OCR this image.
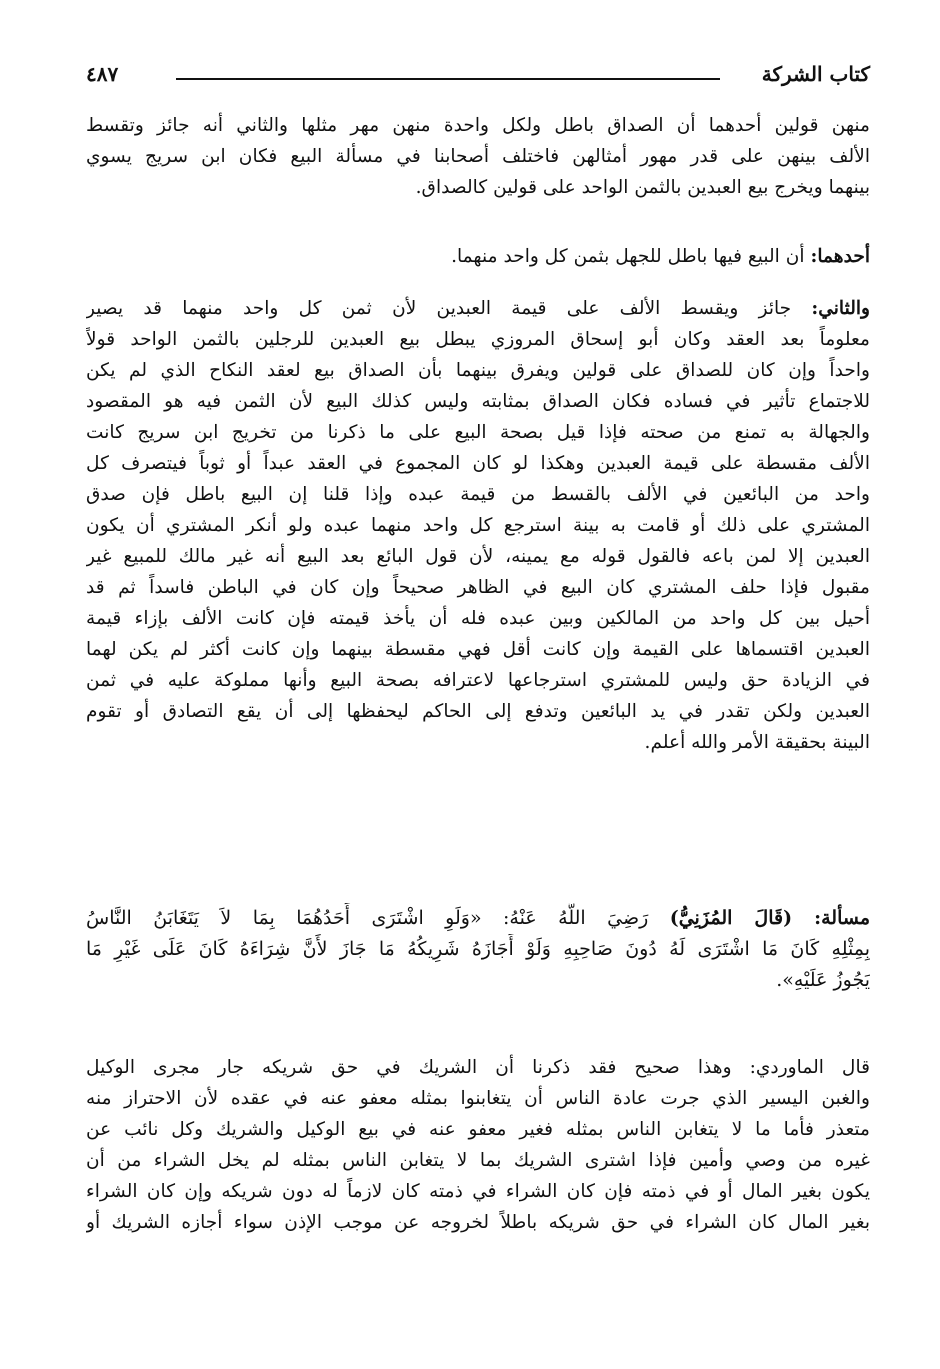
كتاب الشركة
٤٨٧
منهن قولين أحدهما أن الصداق باطل ولكل واحدة منهن مهر مثلها والثاني أنه جائز وتقسط
الألف بينهن على قدر مهور أمثالهن فاختلف أصحابنا في مسألة البيع فكان ابن سريج يسوي
بينهما ويخرج بيع العبدين بالثمن الواحد على قولين كالصداق.
أحدهما: أن البيع فيها باطل للجهل بثمن كل واحد منهما.
والثاني: جائز ويقسط الألف على قيمة العبدين لأن ثمن كل واحد منهما قد يصير
معلوماً بعد العقد وكان أبو إسحاق المروزي يبطل بيع العبدين للرجلين بالثمن الواحد قولاً
واحداً وإن كان للصداق على قولين ويفرق بينهما بأن الصداق بيع لعقد النكاح الذي لم يكن
للاجتماع تأثير في فساده فكان الصداق بمثابته وليس كذلك البيع لأن الثمن فيه هو المقصود
والجهالة به تمنع من صحته فإذا قيل بصحة البيع على ما ذكرنا من تخريج ابن سريج كانت
الألف مقسطة على قيمة العبدين وهكذا لو كان المجموع في العقد عبداً أو ثوباً فيتصرف كل
واحد من البائعين في الألف بالقسط من قيمة عبده وإذا قلنا إن البيع باطل فإن صدق
المشتري على ذلك أو قامت به بينة استرجع كل واحد منهما عبده ولو أنكر المشتري أن يكون
العبدين إلا لمن باعه فالقول قوله مع يمينه، لأن قول البائع بعد البيع أنه غير مالك للمبيع غير
مقبول فإذا حلف المشتري كان البيع في الظاهر صحيحاً وإن كان في الباطن فاسداً ثم قد
أحيل بين كل واحد من المالكين وبين عبده فله أن يأخذ قيمته فإن كانت الألف بإزاء قيمة
العبدين اقتسماها على القيمة وإن كانت أقل فهي مقسطة بينهما وإن كانت أكثر لم يكن لهما
في الزيادة حق وليس للمشتري استرجاعها لاعترافه بصحة البيع وأنها مملوكة عليه في ثمن
العبدين ولكن تقدر في يد البائعين وتدفع إلى الحاكم ليحفظها إلى أن يقع التصادق أو تقوم
البينة بحقيقة الأمر والله أعلم.
مسألة: (قَالَ المُزَنِيُّ) رَضِيَ اللَّهُ عَنْهُ: «وَلَوِ اشْتَرَى أَحَدُهُمَا بِمَا لاَ يَتَغَابَنُ النَّاسُ
بِمِثْلِهِ كَانَ مَا اشْتَرَى لَهُ دُونَ صَاحِبِهِ وَلَوْ أَجَازَهُ شَرِيكُهُ مَا جَازَ لأَنَّ شِرَاءَهُ كَانَ عَلَى غَيْرِ مَا
يَجُوزُ عَلَيْهِ».
قال الماوردي: وهذا صحيح فقد ذكرنا أن الشريك في حق شريكه جار مجرى الوكيل
والغبن اليسير الذي جرت عادة الناس أن يتغابنوا بمثله معفو عنه في عقده لأن الاحتراز منه
متعذر فأما ما لا يتغابن الناس بمثله فغير معفو عنه في بيع الوكيل والشريك وكل نائب عن
غيره من وصي وأمين فإذا اشترى الشريك بما لا يتغابن الناس بمثله لم يخل الشراء من أن
يكون بغير المال أو في ذمته فإن كان الشراء في ذمته كان لازماً له دون شريكه وإن كان الشراء
بغير المال كان الشراء في حق شريكه باطلاً لخروجه عن موجب الإذن سواء أجازه الشريك أو
